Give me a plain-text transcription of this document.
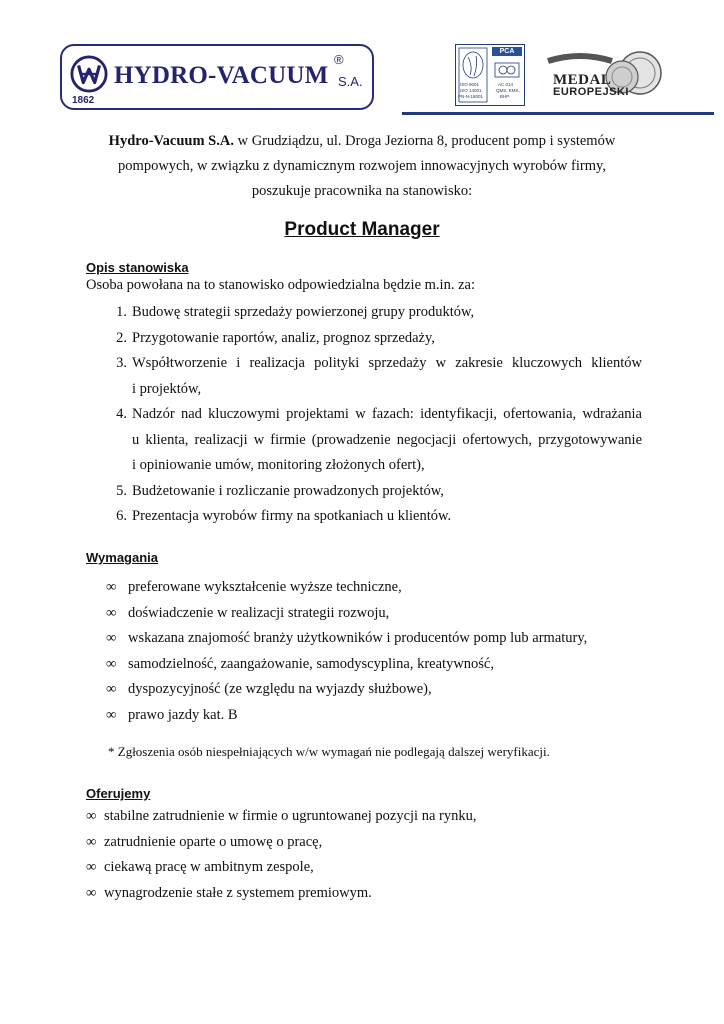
HYDRO-VACUUM
®
S.A.
1862
ISO 9001
ISO 14001
PN-N-18001
PCA
AC 014
QMS, EMS,
BHP
MEDAL
EUROPEJSKI
Hydro-Vacuum S.A. w Grudziądzu, ul. Droga Jeziorna 8, producent pomp i systemów
pompowych, w związku z dynamicznym rozwojem innowacyjnych wyrobów firmy,
poszukuje pracownika na stanowisko:
Product Manager
Opis stanowiska
Osoba powołana na to stanowisko odpowiedzialna będzie m.in. za:
1. Budowę strategii sprzedaży powierzonej grupy produktów,
2. Przygotowanie raportów, analiz, prognoz sprzedaży,
3. Współtworzenie i realizacja polityki sprzedaży w zakresie kluczowych klientów
i projektów,
4. Nadzór nad kluczowymi projektami w fazach: identyfikacji, ofertowania, wdrażania
u klienta, realizacji w firmie (prowadzenie negocjacji ofertowych, przygotowywanie
i opiniowanie umów, monitoring złożonych ofert),
5. Budżetowanie i rozliczanie prowadzonych projektów,
6. Prezentacja wyrobów firmy na spotkaniach u klientów.
Wymagania
∞ preferowane wykształcenie wyższe techniczne,
∞ doświadczenie w realizacji strategii rozwoju,
∞ wskazana znajomość branży użytkowników i producentów pomp lub armatury,
∞ samodzielność, zaangażowanie, samodyscyplina, kreatywność,
∞ dyspozycyjność (ze względu na wyjazdy służbowe),
∞ prawo jazdy kat. B
* Zgłoszenia osób niespełniających w/w wymagań nie podlegają dalszej weryfikacji.
Oferujemy
∞ stabilne zatrudnienie w firmie o ugruntowanej pozycji na rynku,
∞ zatrudnienie oparte o umowę o pracę,
∞ ciekawą pracę w ambitnym zespole,
∞ wynagrodzenie stałe z systemem premiowym.
